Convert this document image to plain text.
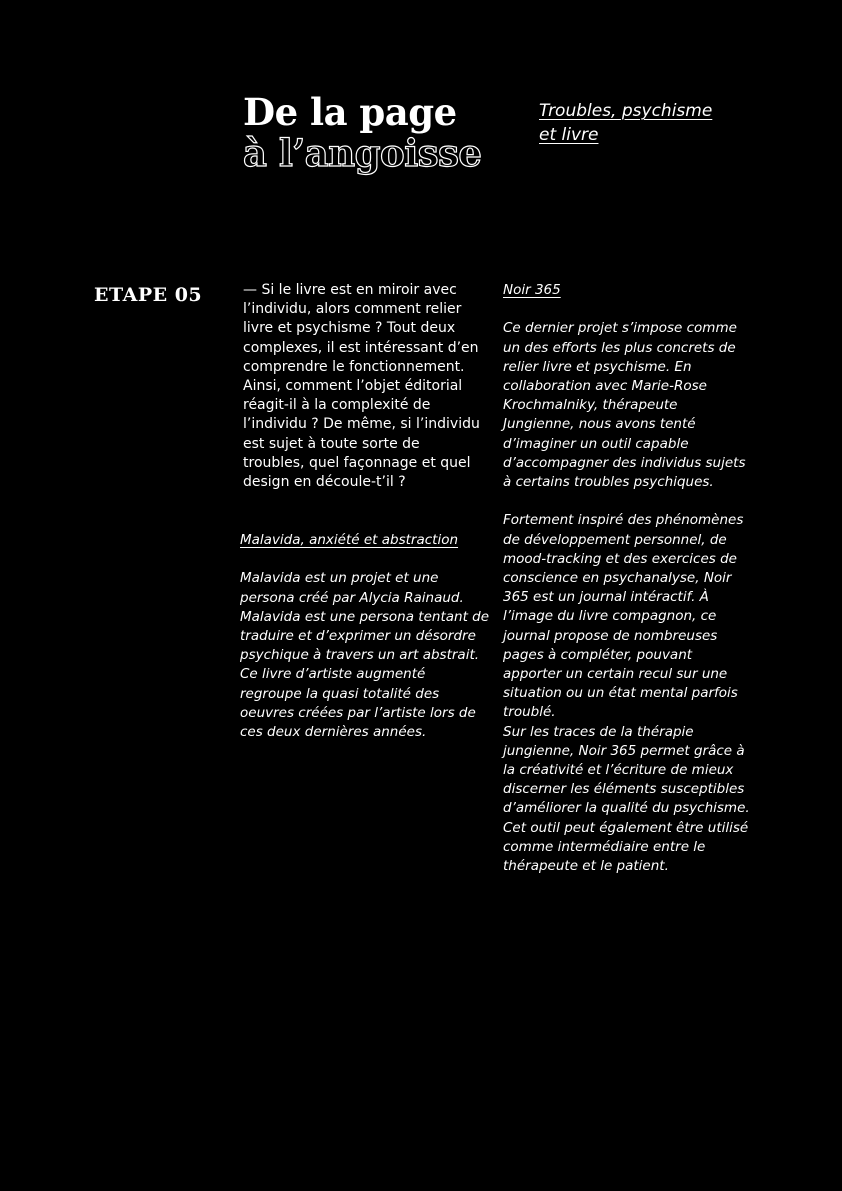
De la page
à l’angoisse
Troubles, psychisme
et livre
ETAPE 05	— Si le livre est en miroir avec
l’individu, alors comment relier
livre et psychisme ? Tout deux
complexes, il est intéressant d’en
comprendre le fonctionnement.
Ainsi, comment l’objet éditorial
réagit-il à la complexité de
l’individu ? De même, si l’individu
est sujet à toute sorte de
troubles, quel façonnage et quel
design en découle-t’il ?
Malavida, anxiété et abstraction
Malavida est un projet et une
persona créé par Alycia Rainaud.
Malavida est une persona tentant de
traduire et d’exprimer un désordre
psychique à travers un art abstrait.
Ce livre d’artiste augmenté
regroupe la quasi totalité des
oeuvres créées par l’artiste lors de
ces deux dernières années.
Noir 365
Ce dernier projet s’impose comme
un des efforts les plus concrets de
relier livre et psychisme. En
collaboration avec Marie-Rose
Krochmalniky, thérapeute
Jungienne, nous avons tenté
d’imaginer un outil capable
d’accompagner des individus sujets
à certains troubles psychiques.
Fortement inspiré des phénomènes
de développement personnel, de
mood-tracking et des exercices de
conscience en psychanalyse, Noir
365 est un journal intéractif. À
l’image du livre compagnon, ce
journal propose de nombreuses
pages à compléter, pouvant
apporter un certain recul sur une
situation ou un état mental parfois
troublé.
Sur les traces de la thérapie
jungienne, Noir 365 permet grâce à
la créativité et l’écriture de mieux
discerner les éléments susceptibles
d’améliorer la qualité du psychisme.
Cet outil peut également être utilisé
comme intermédiaire entre le
thérapeute et le patient.
